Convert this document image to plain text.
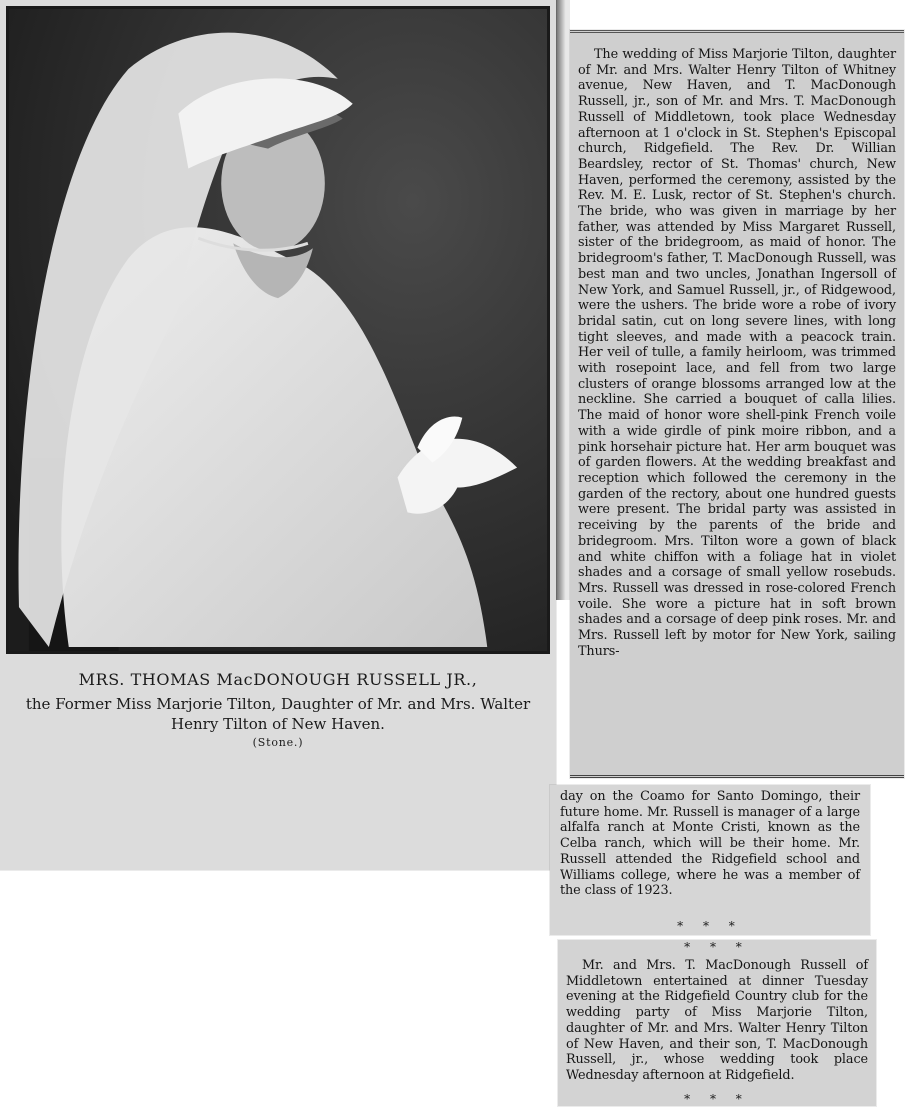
MRS. THOMAS MacDONOUGH RUSSELL JR.,
the Former Miss Marjorie Tilton, Daughter of Mr. and Mrs. Walter Henry Tilton of New Haven.
(Stone.)
The wedding of Miss Marjorie Tilton, daughter of Mr. and Mrs. Walter Henry Tilton of Whitney avenue, New Haven, and T. MacDonough Russell, jr., son of Mr. and Mrs. T. MacDonough Russell of Middletown, took place Wednesday afternoon at 1 o'clock in St. Stephen's Episcopal church, Ridgefield. The Rev. Dr. Willian Beardsley, rector of St. Thomas' church, New Haven, performed the ceremony, assisted by the Rev. M. E. Lusk, rector of St. Stephen's church. The bride, who was given in marriage by her father, was attended by Miss Margaret Russell, sister of the bridegroom, as maid of honor. The bridegroom's father, T. MacDonough Russell, was best man and two uncles, Jonathan Ingersoll of New York, and Samuel Russell, jr., of Ridgewood, were the ushers. The bride wore a robe of ivory bridal satin, cut on long severe lines, with long tight sleeves, and made with a peacock train. Her veil of tulle, a family heirloom, was trimmed with rosepoint lace, and fell from two large clusters of orange blossoms arranged low at the neckline. She carried a bouquet of calla lilies. The maid of honor wore shell-pink French voile with a wide girdle of pink moire ribbon, and a pink horsehair picture hat. Her arm bouquet was of garden flowers. At the wedding breakfast and reception which followed the ceremony in the garden of the rectory, about one hundred guests were present. The bridal party was assisted in receiving by the parents of the bride and bridegroom. Mrs. Tilton wore a gown of black and white chiffon with a foliage hat in violet shades and a corsage of small yellow rosebuds. Mrs. Russell was dressed in rose-colored French voile. She wore a picture hat in soft brown shades and a corsage of deep pink roses. Mr. and Mrs. Russell left by motor for New York, sailing Thurs-
day on the Coamo for Santo Domingo, their future home. Mr. Russell is manager of a large alfalfa ranch at Monte Cristi, known as the Celba ranch, which will be their home. Mr. Russell attended the Ridgefield school and Williams college, where he was a member of the class of 1923.
* * *
* * *
Mr. and Mrs. T. MacDonough Russell of Middletown entertained at dinner Tuesday evening at the Ridgefield Country club for the wedding party of Miss Marjorie Tilton, daughter of Mr. and Mrs. Walter Henry Tilton of New Haven, and their son, T. MacDonough Russell, jr., whose wedding took place Wednesday afternoon at Ridgefield.
* * *
